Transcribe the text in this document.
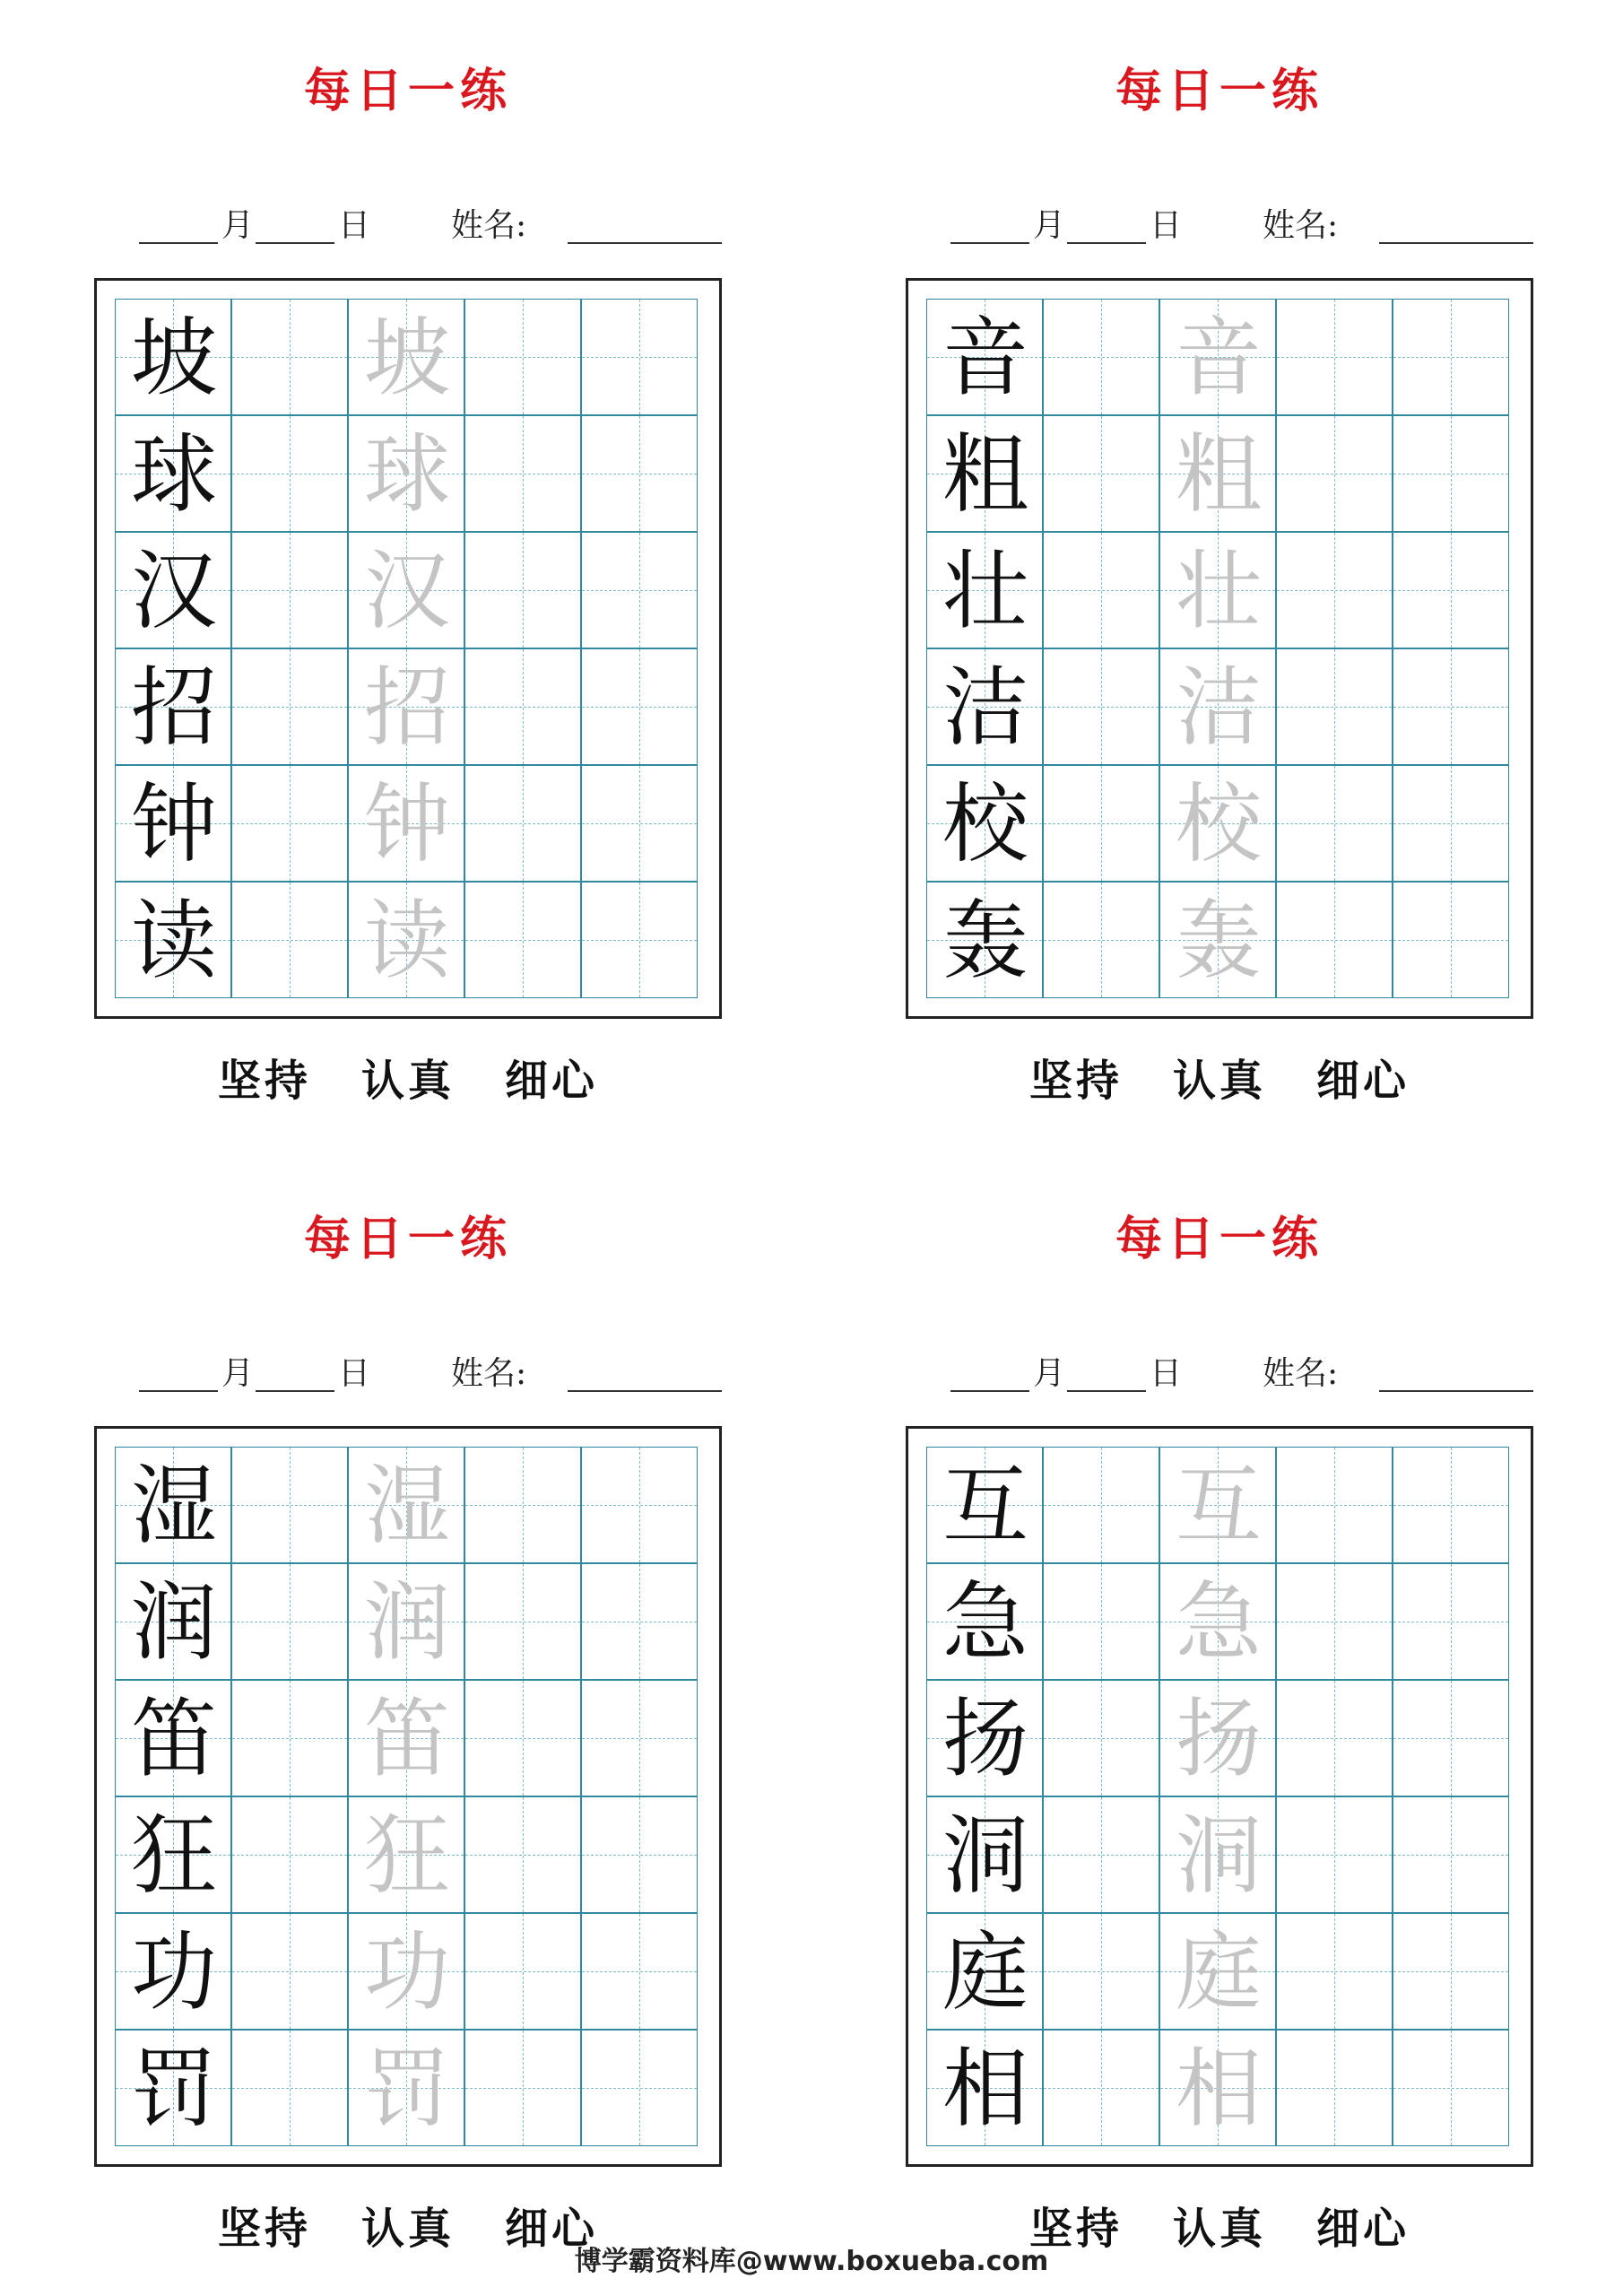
每日一练
月	日 姓名:
坡 坡
球 球
汉 汉
招 招
钟 钟
读 读
坚持 认真 细心
每日一练
月	日 姓名:
音 音
粗 粗
壮 壮
洁 洁
校 校
轰 轰
坚持 认真 细心
每日一练
月	日 姓名:
湿 湿
润 润
笛 笛
狂 狂
功 功
罚 罚
坚持 认真 细心
每日一练
月	日 姓名:
互 互
急 急
扬 扬
洞 洞
庭 庭
相 相
坚持 认真 细心
博学霸资料库@www.boxueba.com
